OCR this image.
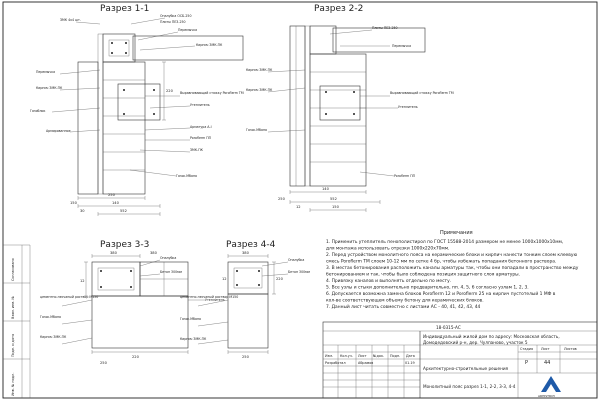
Согласовано
Взам. инв. №
Подп. и дата
Инв. № подл.
Разрез 1-1
Опалубка ОСБ-250
Плиты ПЕЗ-250
ЗМК 4х4 шт.
Перемычка
Кирпич ЗМК-ПК
Перемычка
Кирпич ЗМК-ПК
Выравнивающий стяжку Poroflerm TM
Утеплитель
Газоблок
Арматура А-I
Poroflerm ПП
ЗМК-ПК
Армированное
Газос.Мбапа
250
140
552
150
30
220
Разрез 2-2
Плиты ПЕЗ-250
Перемычка
Кирпич ЗМК-ПК
Кирпич ЗМК-ПК
Выравнивающий стяжку Poroflerm TM
Утеплитель
Газос.Мбапа
Poroflerm ПП
140
552
150
250
12
Разрез 3-3
Опалубка
Бетон 300мм
цементно-песчаный раствор М150
Газос.Мбапа
Кирпич ЗМК-ПК
Утеплитель
380
220
380
12
250
Разрез 4-4
Опалубка
Бетон 300мм
цементно-песчаный раствор М150
Газос.Мбапа
Кирпич ЗМК-ПК
380
250
220
12
Примечания
1. Применить утеплитель пенополистирол по ГОСТ 15588-2014 размером не менее 1000х1000х10мм,
для монтажа использовать отрезки 1000х220х70мм.
2. Перед устройством монолитного пояса на керамические блоки и кирпич нанести тонким слоем клеевую
смесь Poroflerm TM слоем 10-12 мм по сетке 4 бр, чтобы избежать попадания бетонного раствора.
3. В местах бетонирования расположить каналы арматуры так, чтобы они попадали в пространство между
бетонированием и так, чтобы было соблюдена позиция защитного слоя арматуры.
4. Привязку каналов и выполнять отдельно по месту.
5. Все узлы и стыки дополнительно предварительно, пп. 4, 5, 6 согласно узлам 1, 2, 3.
6. Допускается возможна замена блоков Poroflerm 12 и Poroflerm 25 на кирпич пустотелый 1 МФ в
кол-ве соответствующем объему бетону для керамических блоков.
7. Данный лист читать совместно с листами АС - 40, 41, 42, 43, 44
18-0315-АС
Индивидуальный жилой дом по адресу: Московская область,
Домодедовский р-н, дер. Чулпаново, участок 5
Изм. Кол.уч. Лист №док. Подп. Дата
Разработал	Абрамов	01.19
Архитектурно-строительные решения
Монолитный пояс разрез 1-1, 2-2, 3-3, 4-4
Стадия Лист	Листов
Р	44
ARHISTROY
